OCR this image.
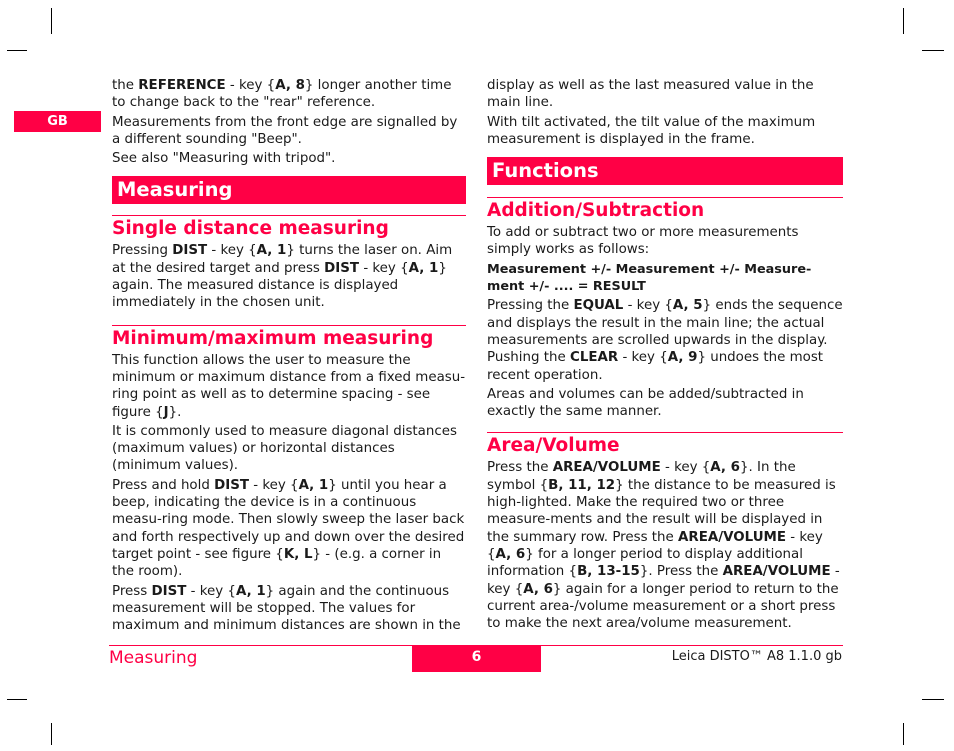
GB

the REFERENCE - key {A, 8} longer another time to change back to the "rear" reference.

Measurements from the front edge are signalled by a different sounding "Beep".

See also "Measuring with tripod".

Measuring
Single distance measuring

Pressing DIST - key {A, 1} turns the laser on. Aim at the desired target and press DIST - key {A, 1} again. The measured distance is displayed immediately in the chosen unit.

Minimum/maximum measuring

This function allows the user to measure the minimum or maximum distance from a fixed measu-ring point as well as to determine spacing - see figure {J}.

It is commonly used to measure diagonal distances (maximum values) or horizontal distances (minimum values).

Press and hold DIST - key {A, 1} until you hear a beep, indicating the device is in a continuous measu-ring mode. Then slowly sweep the laser back and forth respectively up and down over the desired target point - see figure {K, L} - (e.g. a corner in the room).

Press DIST - key {A, 1} again and the continuous measurement will be stopped. The values for maximum and minimum distances are shown in the

display as well as the last measured value in the main line.

With tilt activated, the tilt value of the maximum measurement is displayed in the frame.

Functions
Addition/Subtraction

To add or subtract two or more measurements simply works as follows:

Measurement +/- Measurement +/- Measure-ment +/- .... = RESULT

Pressing the EQUAL - key {A, 5} ends the sequence and displays the result in the main line; the actual measurements are scrolled upwards in the display. Pushing the CLEAR - key {A, 9} undoes the most recent operation.

Areas and volumes can be added/subtracted in exactly the same manner.

Area/Volume

Press the AREA/VOLUME - key {A, 6}. In the symbol {B, 11, 12} the distance to be measured is high-lighted. Make the required two or three measure-ments and the result will be displayed in the summary row. Press the AREA/VOLUME - key {A, 6} for a longer period to display additional information {B, 13-15}. Press the AREA/VOLUME - key {A, 6} again for a longer period to return to the current area-/volume measurement or a short press to make the next area/volume measurement.

Measuring	6	Leica DISTO™ A8 1.1.0 gb
